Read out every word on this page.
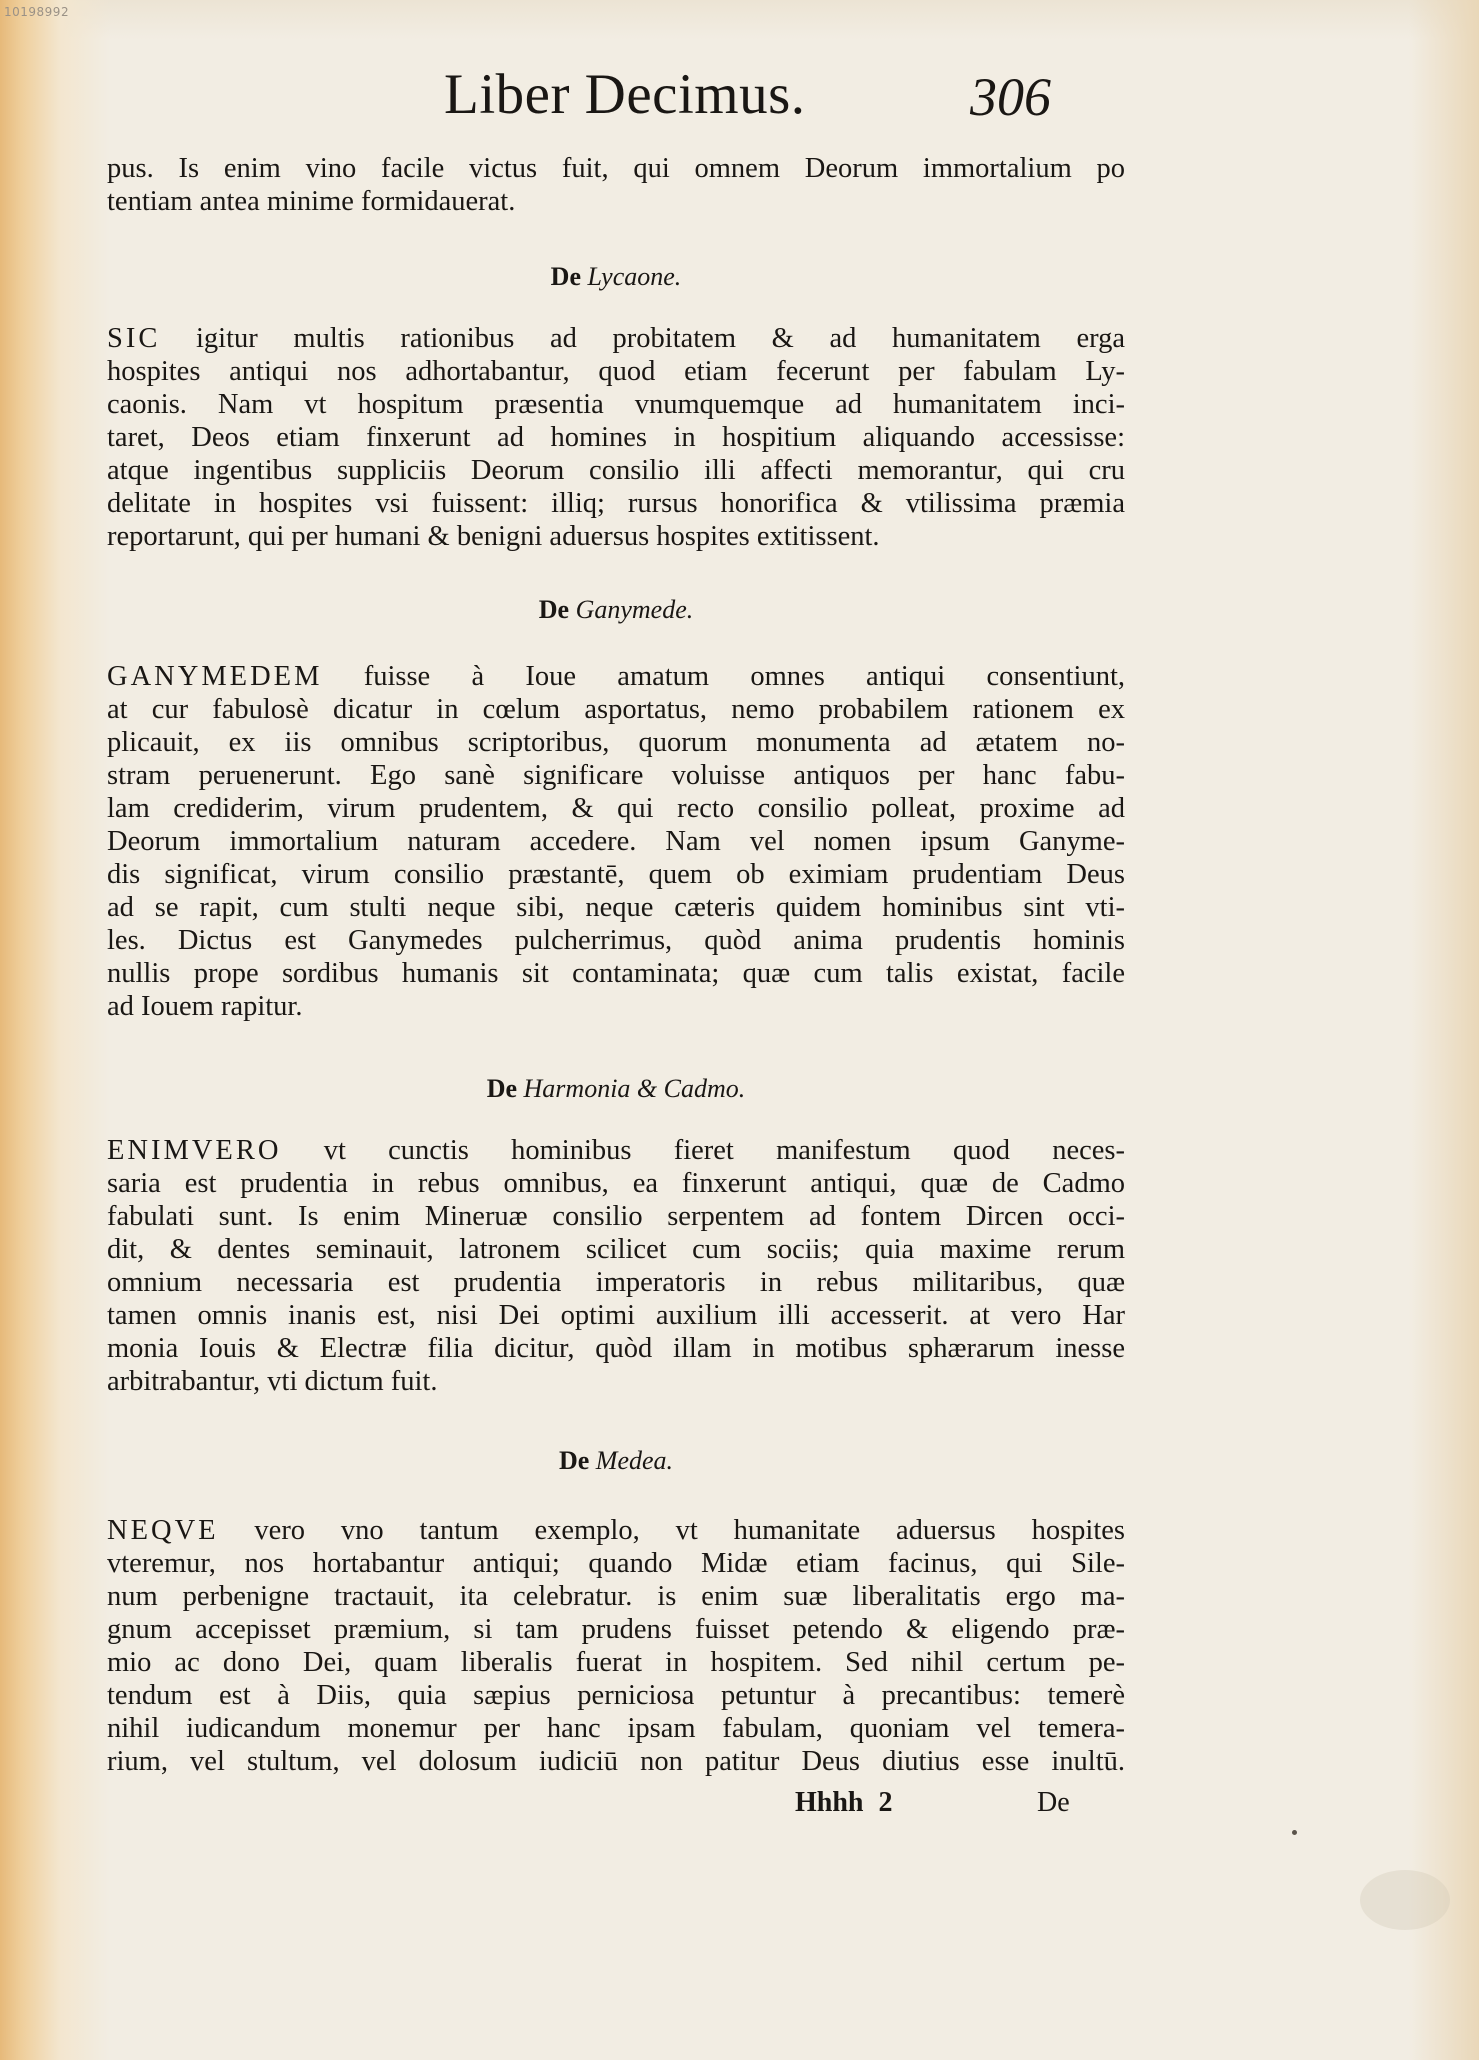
10198992
Liber Decimus.	306
pus. Is enim vino facile victus fuit, qui omnem Deorum immortalium po
tentiam antea minime formidauerat.
De Lycaone.
SIC igitur multis rationibus ad probitatem & ad humanitatem erga
hospites antiqui nos adhortabantur, quod etiam fecerunt per fabulam Ly-
caonis. Nam vt hospitum præsentia vnumquemque ad humanitatem inci-
taret, Deos etiam finxerunt ad homines in hospitium aliquando accessisse:
atque ingentibus suppliciis Deorum consilio illi affecti memorantur, qui cru
delitate in hospites vsi fuissent: illiq; rursus honorifica & vtilissima præmia
reportarunt, qui per humani & benigni aduersus hospites extitissent.
De Ganymede.
GANYMEDEM fuisse à Ioue amatum omnes antiqui consentiunt,
at cur fabulosè dicatur in cœlum asportatus, nemo probabilem rationem ex
plicauit, ex iis omnibus scriptoribus, quorum monumenta ad ætatem no-
stram peruenerunt. Ego sanè significare voluisse antiquos per hanc fabu-
lam crediderim, virum prudentem, & qui recto consilio polleat, proxime ad
Deorum immortalium naturam accedere. Nam vel nomen ipsum Ganyme-
dis significat, virum consilio præstantē, quem ob eximiam prudentiam Deus
ad se rapit, cum stulti neque sibi, neque cæteris quidem hominibus sint vti-
les. Dictus est Ganymedes pulcherrimus, quòd anima prudentis hominis
nullis prope sordibus humanis sit contaminata; quæ cum talis existat, facile
ad Iouem rapitur.
De Harmonia & Cadmo.
ENIMVERO vt cunctis hominibus fieret manifestum quod neces-
saria est prudentia in rebus omnibus, ea finxerunt antiqui, quæ de Cadmo
fabulati sunt. Is enim Mineruæ consilio serpentem ad fontem Dircen occi-
dit, & dentes seminauit, latronem scilicet cum sociis; quia maxime rerum
omnium necessaria est prudentia imperatoris in rebus militaribus, quæ
tamen omnis inanis est, nisi Dei optimi auxilium illi accesserit. at vero Har
monia Iouis & Electræ filia dicitur, quòd illam in motibus sphærarum inesse
arbitrabantur, vti dictum fuit.
De Medea.
NEQVE vero vno tantum exemplo, vt humanitate aduersus hospites
vteremur, nos hortabantur antiqui; quando Midæ etiam facinus, qui Sile-
num perbenigne tractauit, ita celebratur. is enim suæ liberalitatis ergo ma-
gnum accepisset præmium, si tam prudens fuisset petendo & eligendo præ-
mio ac dono Dei, quam liberalis fuerat in hospitem. Sed nihil certum pe-
tendum est à Diis, quia sæpius perniciosa petuntur à precantibus: temerè
nihil iudicandum monemur per hanc ipsam fabulam, quoniam vel temera-
rium, vel stultum, vel dolosum iudiciū non patitur Deus diutius esse inultū.
Hhhh 2	De
